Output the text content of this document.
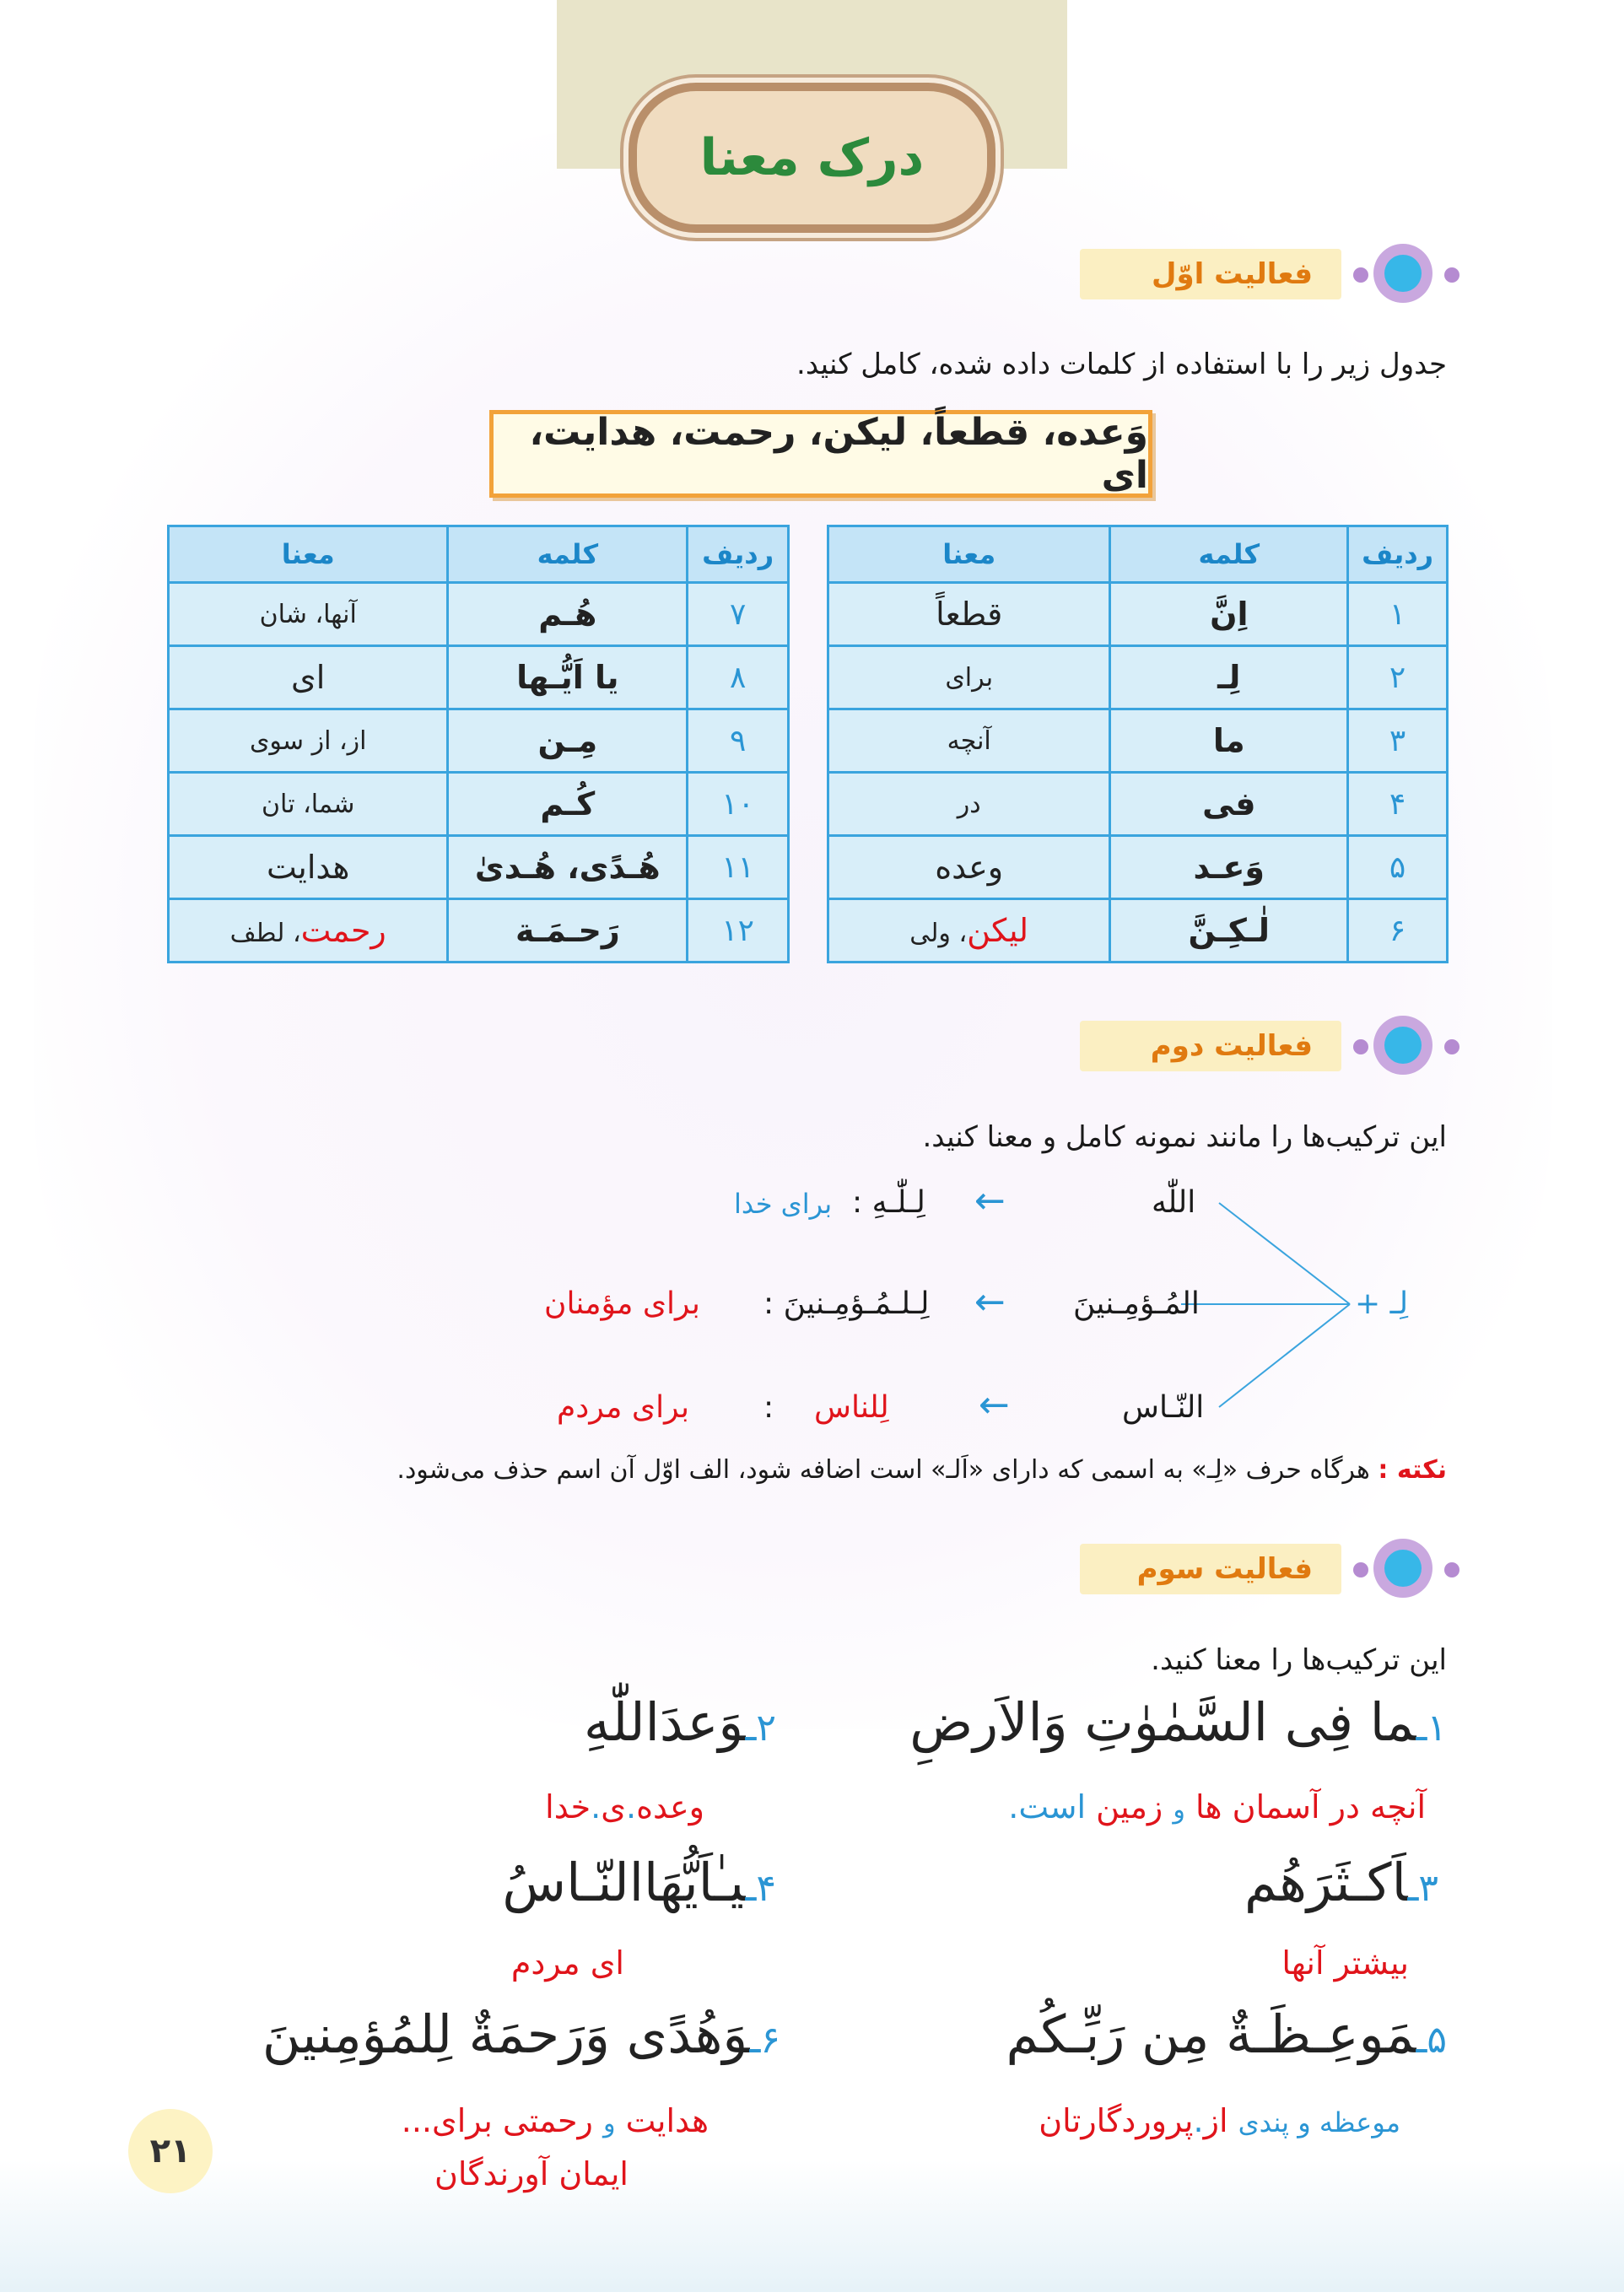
درک معنا
فعالیت اوّل
جدول زیر را با استفاده از کلمات داده شده، کامل کنید.
وَعده، قطعاً، لیکن، رحمت، هدایت، ای
ردیف	کلمه	معنا
۱	اِنَّ	قطعاً
۲	لِـ	برای
۳	ما	آنچه
۴	فی	در
۵	وَعـد	وعده
۶	لٰـکِـنَّ	لیکن، ولی
ردیف	کلمه	معنا
۷	هُـم	آنها، شان
۸	یا اَیُّـها	ای
۹	مِـن	از، از سوی
۱۰	کُـم	شما، تان
۱۱	هُـدًی، هُـدیٰ	هدایت
۱۲	رَحـمَـة	رحمت، لطف
فعالیت دوم
این ترکیب‌ها را مانند نمونه کامل و معنا کنید.
لِـ +
اللّٰه
←
لِـلّٰـهِ :
برای خدا
المُـؤمِـنینَ
←
لِـلـمُـؤمِـنینَ :
برای مؤمنان
النّـاس
←
لِلناس
:
برای مردم
نکته : هرگاه حرف «لِـ» به اسمی که دارای «اَلـ» است اضافه شود، الف اوّل آن اسم حذف می‌شود.
فعالیت سوم
این ترکیب‌ها را معنا کنید.
۱ـما فِی السَّمٰوٰتِ وَالاَرضِ
۲ـوَعدَاللّٰهِ
آنچه در آسمان ها و زمین است.
وعده.ی.خدا
۳ـاَکـثَرَهُم
۴ـیـٰاَیُّهَاالنّـاسُ
بیشتر آنها
ای مردم
۵ـمَوعِـظَـةٌ مِن رَبِّـکُم
۶ـوَهُدًی وَرَحمَةٌ لِلمُؤمِنینَ
موعظه و پندی از.پروردگارتان
هدایت و رحمتی برای...
ایمان آورندگان
۲۱
